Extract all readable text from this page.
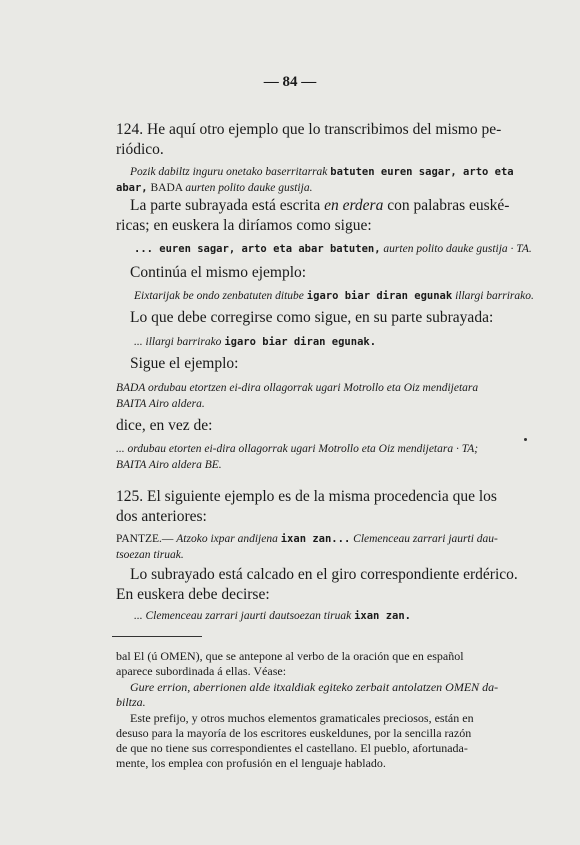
— 84 —
124. He aquí otro ejemplo que lo transcribimos del mismo pe-
riódico.
Pozik dabiltz inguru onetako baserritarrak batuten euren sagar, arto eta
abar, BADA aurten polito dauke gustija.
La parte subrayada está escrita en erdera con palabras euské-
ricas; en euskera la diríamos como sigue:
... euren sagar, arto eta abar batuten, aurten polito dauke gustija · TA.
Continúa el mismo ejemplo:
Eixtarijak be ondo zenbatuten ditube igaro biar diran egunak illargi barrirako.
Lo que debe corregirse como sigue, en su parte subrayada:
... illargi barrirako igaro biar diran egunak.
Sigue el ejemplo:
BADA ordubau etortzen ei-dira ollagorrak ugari Motrollo eta Oiz mendijetara
BAITA Airo aldera.
dice, en vez de:
... ordubau etorten ei-dira ollagorrak ugari Motrollo eta Oiz mendijetara · TA;
BAITA Airo aldera BE.
125. El siguiente ejemplo es de la misma procedencia que los
dos anteriores:
PANTZE.— Atzoko ixpar andijena ixan zan... Clemenceau zarrari jaurti dau-
tsoezan tiruak.
Lo subrayado está calcado en el giro correspondiente erdérico.
En euskera debe decirse:
... Clemenceau zarrari jaurti dautsoezan tiruak ixan zan.
bal El (ú OMEN), que se antepone al verbo de la oración que en español
aparece subordinada á ellas. Véase:
Gure errion, aberrionen alde itxaldiak egiteko zerbait antolatzen OMEN da-
biltza.
Este prefijo, y otros muchos elementos gramaticales preciosos, están en
desuso para la mayoría de los escritores euskeldunes, por la sencilla razón
de que no tiene sus correspondientes el castellano. El pueblo, afortunada-
mente, los emplea con profusión en el lenguaje hablado.
